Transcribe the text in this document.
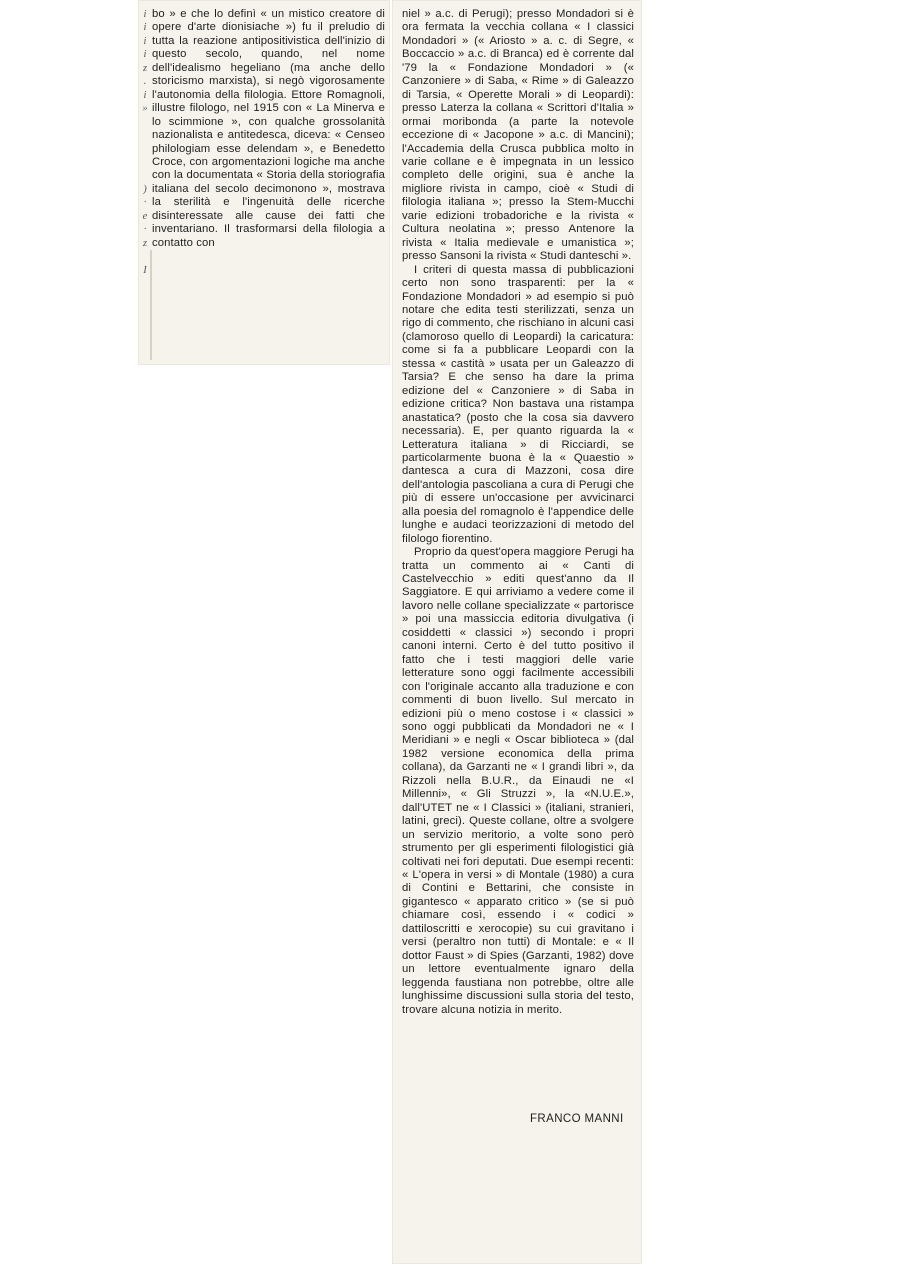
i
i
i
i
z
.
i
»

)
·
e
·
z

I

bo » e che lo definì « un mistico creatore di opere d'arte dionisiache ») fu il preludio di tutta la reazione antipositivistica dell'inizio di questo secolo, quando, nel nome dell'idealismo hegeliano (ma anche dello storicismo marxista), si negò vigorosamente l'autonomia della filologia. Ettore Romagnoli, illustre filologo, nel 1915 con « La Minerva e lo scimmione », con qualche grossolanità nazionalista e antitedesca, diceva: « Censeo philologiam esse delendam », e Benedetto Croce, con argomentazioni logiche ma anche con la documentata « Storia della storiografia italiana del secolo decimonono », mostrava la sterilità e l'ingenuità delle ricerche disinteressate alle cause dei fatti che inventariano. Il trasformarsi della filologia a contatto con

niel » a.c. di Perugi); presso Mondadori si è ora fermata la vecchia collana « I classici Mondadori » (« Ariosto » a. c. di Segre, « Boccaccio » a.c. di Branca) ed è corrente dal '79 la « Fondazione Mondadori » (« Canzoniere » di Saba, « Rime » di Galeazzo di Tarsia, « Operette Morali » di Leopardi): presso Laterza la collana « Scrittori d'Italia » ormai moribonda (a parte la notevole eccezione di « Jacopone » a.c. di Mancini); l'Accademia della Crusca pubblica molto in varie collane e è impegnata in un lessico completo delle origini, sua è anche la migliore rivista in campo, cioè « Studi di filologia italiana »; presso la Stem-Mucchi varie edizioni trobadoriche e la rivista « Cultura neolatina »; presso Antenore la rivista « Italia medievale e umanistica »; presso Sansoni la rivista « Studi danteschi ».

I criteri di questa massa di pubblicazioni certo non sono trasparenti: per la « Fondazione Mondadori » ad esempio si può notare che edita testi sterilizzati, senza un rigo di commento, che rischiano in alcuni casi (clamoroso quello di Leopardi) la caricatura: come si fa a pubblicare Leopardi con la stessa « castità » usata per un Galeazzo di Tarsia? E che senso ha dare la prima edizione del « Canzoniere » di Saba in edizione critica? Non bastava una ristampa anastatica? (posto che la cosa sia davvero necessaria). E, per quanto riguarda la « Letteratura italiana » di Ricciardi, se particolarmente buona è la « Quaestio » dantesca a cura di Mazzoni, cosa dire dell'antologia pascoliana a cura di Perugi che più di essere un'occasione per avvicinarci alla poesia del romagnolo è l'appendice delle lunghe e audaci teorizzazioni di metodo del filologo fiorentino.

Proprio da quest'opera maggiore Perugi ha tratta un commento ai « Canti di Castelvecchio » editi quest'anno da Il Saggiatore. E qui arriviamo a vedere come il lavoro nelle collane specializzate « partorisce » poi una massiccia editoria divulgativa (i cosiddetti « classici ») secondo i propri canoni interni. Certo è del tutto positivo il fatto che i testi maggiori delle varie letterature sono oggi facilmente accessibili con l'originale accanto alla traduzione e con commenti di buon livello. Sul mercato in edizioni più o meno costose i « classici » sono oggi pubblicati da Mondadori ne « I Meridiani » e negli « Oscar biblioteca » (dal 1982 versione economica della prima collana), da Garzanti ne « I grandi libri », da Rizzoli nella B.U.R., da Einaudi ne «I Millenni», « Gli Struzzi », la «N.U.E.», dall'UTET ne « I Classici » (italiani, stranieri, latini, greci). Queste collane, oltre a svolgere un servizio meritorio, a volte sono però strumento per gli esperimenti filologistici già coltivati nei fori deputati. Due esempi recenti: « L'opera in versi » di Montale (1980) a cura di Contini e Bettarini, che consiste in gigantesco « apparato critico » (se si può chiamare così, essendo i « codici » dattiloscritti e xerocopie) su cui gravitano i versi (peraltro non tutti) di Montale: e « Il dottor Faust » di Spies (Garzanti, 1982) dove un lettore eventualmente ignaro della leggenda faustiana non potrebbe, oltre alle lunghissime discussioni sulla storia del testo, trovare alcuna notizia in merito.

FRANCO MANNI
